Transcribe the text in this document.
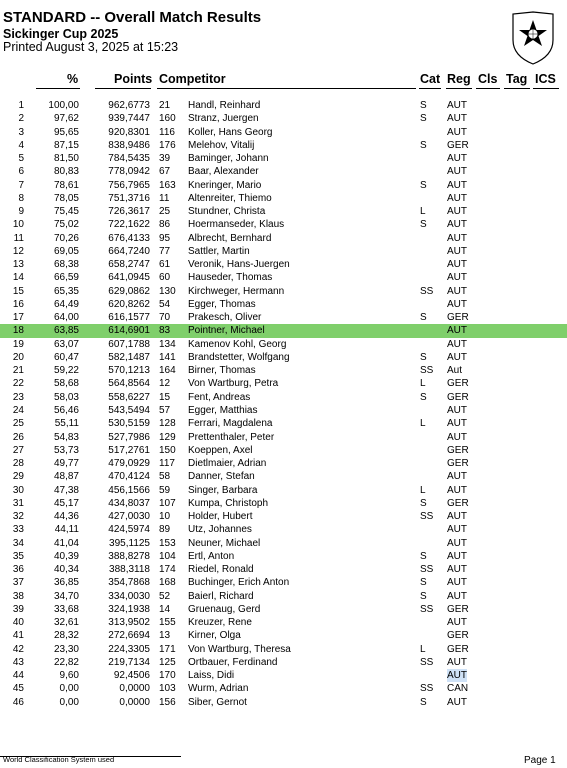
STANDARD -- Overall Match Results
Sickinger Cup 2025
Printed August 3, 2025 at 15:23
%	Points Competitor	Cat Reg Cls Tag ICS
1	100,00	962,6773 21 Handl, Reinhard	S AUT
2	97,62	939,7447 160 Stranz, Juergen	S AUT
3	95,65	920,8301 116 Koller, Hans Georg	AUT
4	87,15	838,9486 176 Melehov, Vitalij	S GER
5	81,50	784,5435 39 Baminger, Johann	AUT
6	80,83	778,0942 67 Baar, Alexander	AUT
7	78,61	756,7965 163 Kneringer, Mario	S AUT
8	78,05	751,3716 11 Altenreiter, Thiemo	AUT
9	75,45	726,3617 25 Stundner, Christa	L AUT
10	75,02	722,1622 86 Hoermanseder, Klaus	S AUT
11	70,26	676,4133 95 Albrecht, Bernhard	AUT
12	69,05	664,7240 77 Sattler, Martin	AUT
13	68,38	658,2747 61 Veronik, Hans-Juergen	AUT
14	66,59	641,0945 60 Hauseder, Thomas	AUT
15	65,35	629,0862 130 Kirchweger, Hermann	SS AUT
16	64,49	620,8262 54 Egger, Thomas	AUT
17	64,00	616,1577 70 Prakesch, Oliver	S GER
18	63,85	614,6901 83 Pointner, Michael	AUT
19	63,07	607,1788 134 Kamenov Kohl, Georg	AUT
20	60,47	582,1487 141 Brandstetter, Wolfgang	S AUT
21	59,22	570,1213 164 Birner, Thomas	SS Aut
22	58,68	564,8564 12 Von Wartburg, Petra	L GER
23	58,03	558,6227 15 Fent, Andreas	S GER
24	56,46	543,5494 57 Egger, Matthias	AUT
25	55,11	530,5159 128 Ferrari, Magdalena	L AUT
26	54,83	527,7986 129 Prettenthaler, Peter	AUT
27	53,73	517,2761 150 Koeppen, Axel	GER
28	49,77	479,0929 117 Dietlmaier, Adrian	GER
29	48,87	470,4124 58 Danner, Stefan	AUT
30	47,38	456,1566 59 Singer, Barbara	L AUT
31	45,17	434,8037 107 Kumpa, Christoph	S GER
32	44,36	427,0030 10 Holder, Hubert	SS AUT
33	44,11	424,5974 89 Utz, Johannes	AUT
34	41,04	395,1125 153 Neuner, Michael	AUT
35	40,39	388,8278 104 Ertl, Anton	S AUT
36	40,34	388,3118 174 Riedel, Ronald	SS AUT
37	36,85	354,7868 168 Buchinger, Erich Anton	S AUT
38	34,70	334,0030 52 Baierl, Richard	S AUT
39	33,68	324,1938 14 Gruenaug, Gerd	SS GER
40	32,61	313,9502 155 Kreuzer, Rene	AUT
41	28,32	272,6694 13 Kirner, Olga	GER
42	23,30	224,3305 171 Von Wartburg, Theresa	L GER
43	22,82	219,7134 125 Ortbauer, Ferdinand	SS AUT
44	9,60	92,4506 170 Laiss, Didi	AUT
45	0,00	0,0000 103 Wurm, Adrian	SS CAN
46	0,00	0,0000 156 Siber, Gernot	S AUT
World Classification System used	Page 1
